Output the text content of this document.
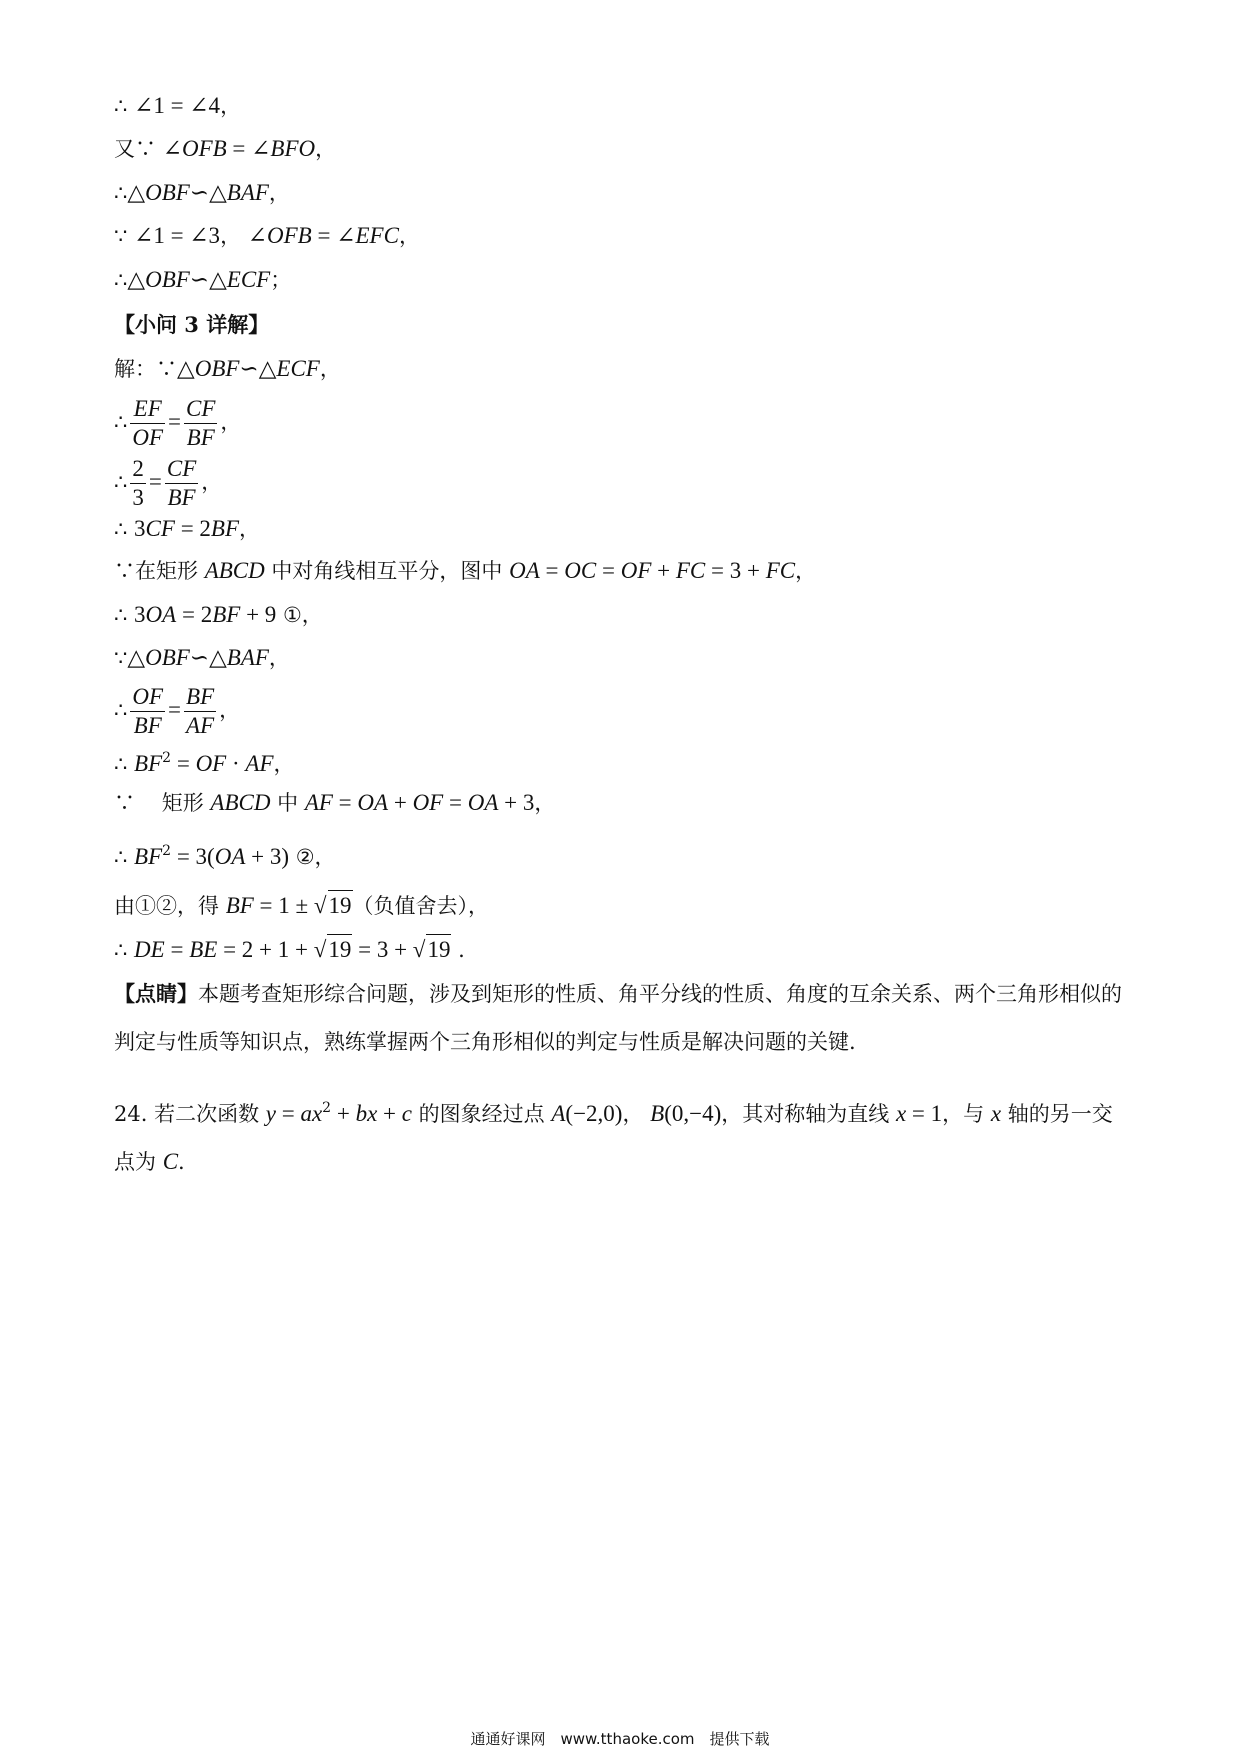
∴ ∠1 = ∠4，
又∵ ∠OFB = ∠BFO，
∴△OBF∽△BAF，
∵ ∠1 = ∠3， ∠OFB = ∠EFC，
∴△OBF∽△ECF；
【小问 3 详解】
解：∵△OBF∽△ECF，
∴ $\frac{EF}{OF} = \frac{CF}{BF}$ ，
∴ $\frac{2}{3} = \frac{CF}{BF}$ ，
∴ 3CF = 2BF，
∵在矩形 ABCD 中对角线相互平分，图中 OA = OC = OF + FC = 3 + FC，
∴ 3OA = 2BF + 9 ①，
∵△OBF∽△BAF，
∴ $\frac{OF}{BF} = \frac{BF}{AF}$ ，
∴ $BF^2$ = OF · AF，
∵    矩形 ABCD 中 AF = OA + OF = OA + 3，
∴ $BF^2 = 3(OA + 3)$ ②，
由①②，得 BF = 1 ± √19（负值舍去），
∴ DE = BE = 2 + 1 + √19 = 3 + √19 .
【点睛】本题考查矩形综合问题，涉及到矩形的性质、角平分线的性质、角度的互余关系、两个三角形相似的判定与性质等知识点，熟练掌握两个三角形相似的判定与性质是解决问题的关键.
24. 若二次函数 $y = ax^2$ + bx + c 的图象经过点 A(−2,0)， B(0,−4)，其对称轴为直线 x = 1，与 x 轴的另一交点为 C.
通通好课网　www.tthaoke.com　提供下载
